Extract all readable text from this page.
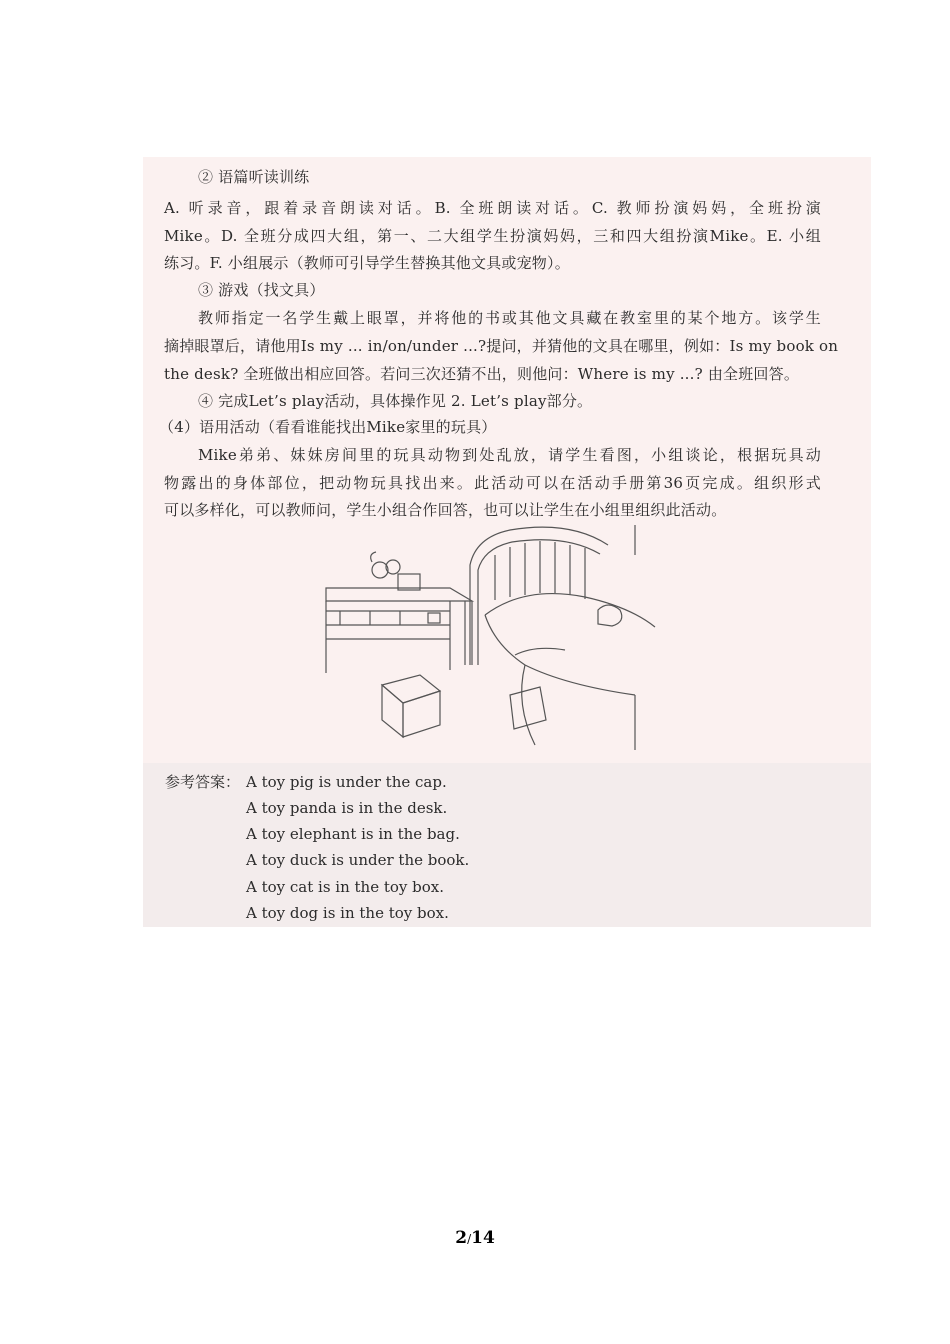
② 语篇听读训练
A. 听录音，跟着录音朗读对话。B. 全班朗读对话。C. 教师扮演妈妈，全班扮演
Mike。D. 全班分成四大组，第一、二大组学生扮演妈妈，三和四大组扮演Mike。E. 小组
练习。F. 小组展示（教师可引导学生替换其他文具或宠物）。
③ 游戏（找文具）
教师指定一名学生戴上眼罩，并将他的书或其他文具藏在教室里的某个地方。该学生
摘掉眼罩后，请他用Is my ... in/on/under ...?提问，并猜他的文具在哪里，例如：Is my book on
the desk? 全班做出相应回答。若问三次还猜不出，则他问：Where is my ...? 由全班回答。
④ 完成Let’s play活动，具体操作见 2. Let’s play部分。
（4）语用活动（看看谁能找出Mike家里的玩具）
Mike弟弟、妹妹房间里的玩具动物到处乱放，请学生看图，小组谈论，根据玩具动
物露出的身体部位，把动物玩具找出来。此活动可以在活动手册第36页完成。组织形式
可以多样化，可以教师问，学生小组合作回答，也可以让学生在小组里组织此活动。
参考答案： A toy pig is under the cap.
A toy panda is in the desk.
A toy elephant is in the bag.
A toy duck is under the book.
A toy cat is in the toy box.
A toy dog is in the toy box.
2/14
